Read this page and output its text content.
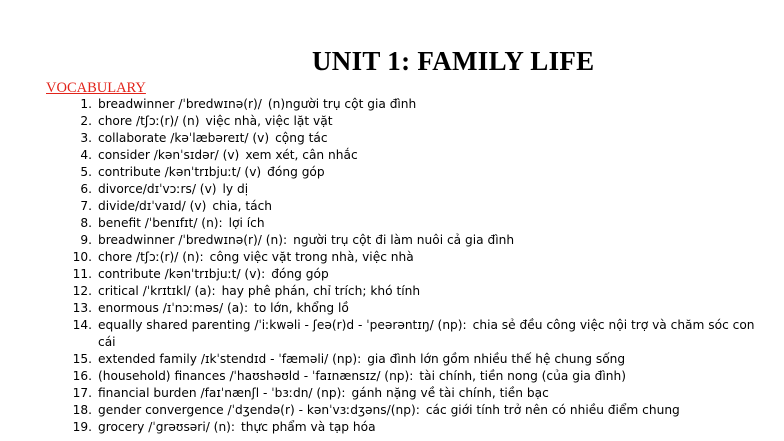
UNIT 1: FAMILY LIFE
VOCABULARY
1. breadwinner /ˈbredwɪnə(r)/ (n)người trụ cột gia đình
2. chore /tʃɔː(r)/ (n) việc nhà, việc lặt vặt
3. collaborate /kəˈlæbəreɪt/ (v) cộng tác
4. consider /kənˈsɪdər/ (v) xem xét, cân nhắc
5. contribute /kənˈtrɪbjuːt/ (v) đóng góp
6. divorce/dɪˈvɔːrs/ (v) ly dị
7. divide/dɪˈvaɪd/ (v) chia, tách
8. benefit /ˈbenɪfɪt/ (n): lợi ích
9. breadwinner /ˈbredwɪnə(r)/ (n): người trụ cột đi làm nuôi cả gia đình
10. chore /tʃɔː(r)/ (n): công việc vặt trong nhà, việc nhà
11. contribute /kənˈtrɪbjuːt/ (v): đóng góp
12. critical /ˈkrɪtɪkl/ (a): hay phê phán, chỉ trích; khó tính
13. enormous /ɪˈnɔːməs/ (a): to lớn, khổng lồ
14. equally shared parenting /ˈiːkwəli - ʃeə(r)d - ˈpeərəntɪŋ/ (np): chia sẻ đều công việc nội trợ và chăm sóc con cái
15. extended family /ɪkˈstendɪd - ˈfæməli/ (np): gia đình lớn gồm nhiều thế hệ chung sống
16. (household) finances /ˈhaʊshəʊld - ˈfaɪnænsɪz/ (np): tài chính, tiền nong (của gia đình)
17. financial burden /faɪˈnænʃl - ˈbɜːdn/ (np): gánh nặng về tài chính, tiền bạc
18. gender convergence /ˈdʒendə(r) - kənˈvɜːdʒəns/(np): các giới tính trở nên có nhiều điểm chung
19. grocery /ˈgrəʊsəri/ (n): thực phẩm và tạp hóa
